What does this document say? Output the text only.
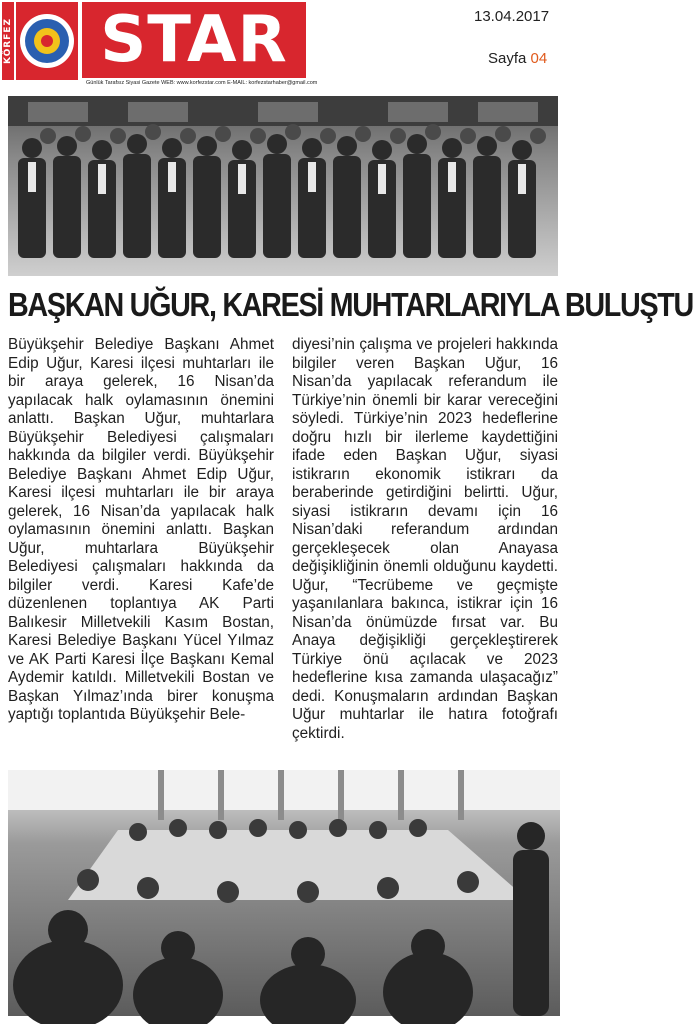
KÖRFEZ STAR
Günlük Tarafsız Siyasi Gazete WEB: www.korfezstar.com E-MAIL: korfezstarhaber@gmail.com
13.04.2017
Sayfa 04
BAŞKAN UĞUR, KARESİ MUHTARLARIYLA BULUŞTU

Büyükşehir Belediye Başkanı Ahmet Edip Uğur, Karesi ilçesi muhtarları ile bir araya gelerek, 16 Nisan’da yapılacak halk oylamasının önemini anlattı. Başkan Uğur, muhtarlara Büyükşehir Belediyesi çalışmaları hakkında da bilgiler verdi. Büyükşehir Belediye Başkanı Ahmet Edip Uğur, Karesi ilçesi muhtarları ile bir araya gelerek, 16 Nisan’da yapılacak halk oylamasının önemini anlattı. Başkan Uğur, muhtarlara Büyükşehir Belediyesi çalışmaları hakkında da bilgiler verdi. Karesi Kafe’de düzenlenen toplantıya AK Parti Balıkesir Milletvekili Kasım Bostan, Karesi Belediye Başkanı Yücel Yılmaz ve AK Parti Karesi İlçe Başkanı Kemal Aydemir katıldı. Milletvekili Bostan ve Başkan Yılmaz’ında birer konuşma yaptığı toplantıda Büyükşehir Bele-

diyesi’nin çalışma ve projeleri hakkında bilgiler veren Başkan Uğur, 16 Nisan’da yapılacak referandum ile Türkiye’nin önemli bir karar vereceğini söyledi. Türkiye’nin 2023 hedeflerine doğru hızlı bir ilerleme kaydettiğini ifade eden Başkan Uğur, siyasi istikrarın ekonomik istikrarı da beraberinde getirdiğini belirtti. Uğur, siyasi istikrarın devamı için 16 Nisan’daki referandum ardından gerçekleşecek olan Anayasa değişikliğinin önemli olduğunu kaydetti. Uğur, “Tecrübeme ve geçmişte yaşanılanlara bakınca, istikrar için 16 Nisan’da önümüzde fırsat var. Bu Anaya değişikliği gerçekleştirerek Türkiye önü açılacak ve 2023 hedeflerine kısa zamanda ulaşacağız” dedi. Konuşmaların ardından Başkan Uğur muhtarlar ile hatıra fotoğrafı çektirdi.
